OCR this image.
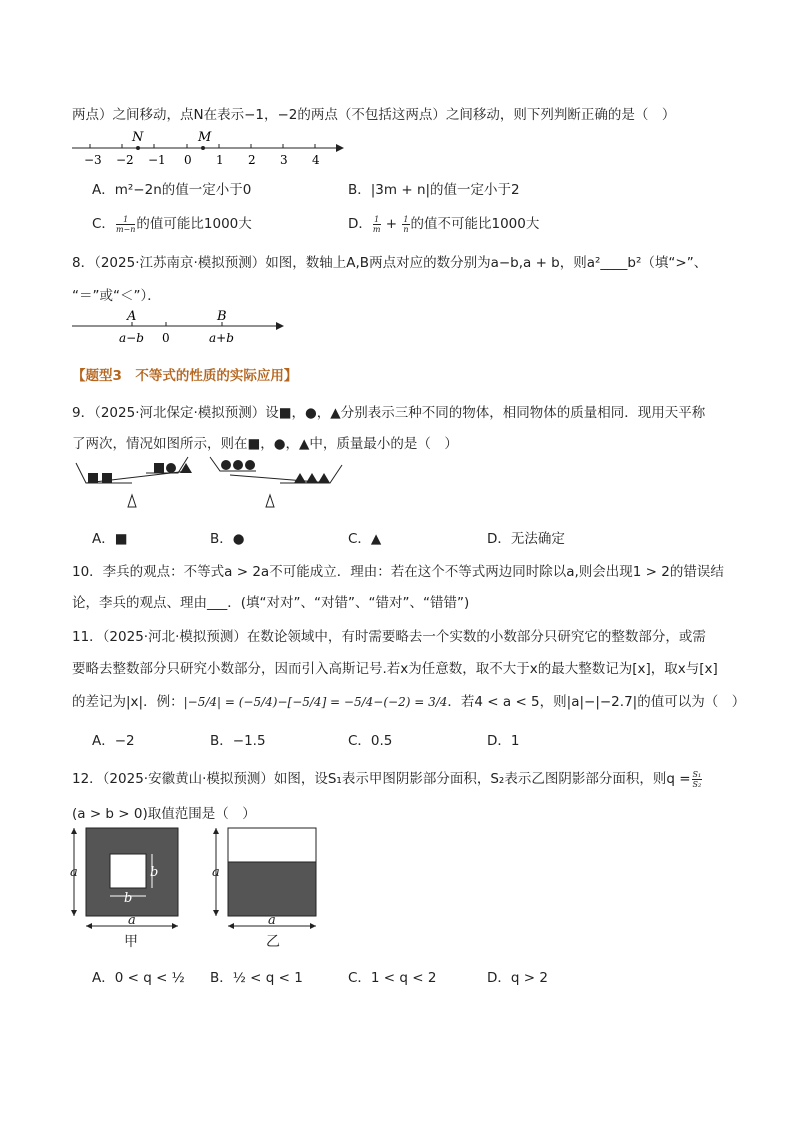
两点）之间移动，点N在表示−1，−2的两点（不包括这两点）之间移动，则下列判断正确的是（　）
N	M
−3 −2 −1 0 1 2 3 4
A．m²−2n的值一定小于0	B．|3m + n|的值一定小于2
C． $\frac{1}{m-n}$ 的值可能比1000大	D． $\frac{1}{m} + \frac{1}{n}$ 的值不可能比1000大
8．（2025·江苏南京·模拟预测）如图，数轴上A,B两点对应的数分别为a−b,a + b，则a²____b²（填“>”、
“＝”或“＜”）．
A	B
a−b 0	a+b
【题型3　不等式的性质的实际应用】
9．（2025·河北保定·模拟预测）设■，●，▲分别表示三种不同的物体，相同物体的质量相同．现用天平称
了两次，情况如图所示，则在■，●，▲中，质量最小的是（　）
A．■	B．●	C．▲	D．无法确定
10．李兵的观点：不等式a > 2a不可能成立．理由：若在这个不等式两边同时除以a,则会出现1 > 2的错误结
论，李兵的观点、理由___．(填“对对”、“对错”、“错对”、“错错”)
11．（2025·河北·模拟预测）在数论领域中，有时需要略去一个实数的小数部分只研究它的整数部分，或需
要略去整数部分只研究小数部分，因而引入高斯记号.若x为任意数，取不大于x的最大整数记为[x]，取x与[x]
的差记为|x|．例：|−5/4| = (−5/4)−[−5/4] = −5/4−(−2) = 3/4．若4 < a < 5，则|a|−|−2.7|的值可以为（　）
A．−2	B．−1.5	C．0.5	D．1
12．（2025·安徽黄山·模拟预测）如图，设S₁表示甲图阴影部分面积，S₂表示乙图阴影部分面积，则$q = \frac{\text{S₁}}{\text{S₂}}$
(a > b > 0)取值范围是（　）
a	b
b
a
甲
a
a
乙
A．0 < q < ½ B．½ < q < 1	C．1 < q < 2	D．q > 2
